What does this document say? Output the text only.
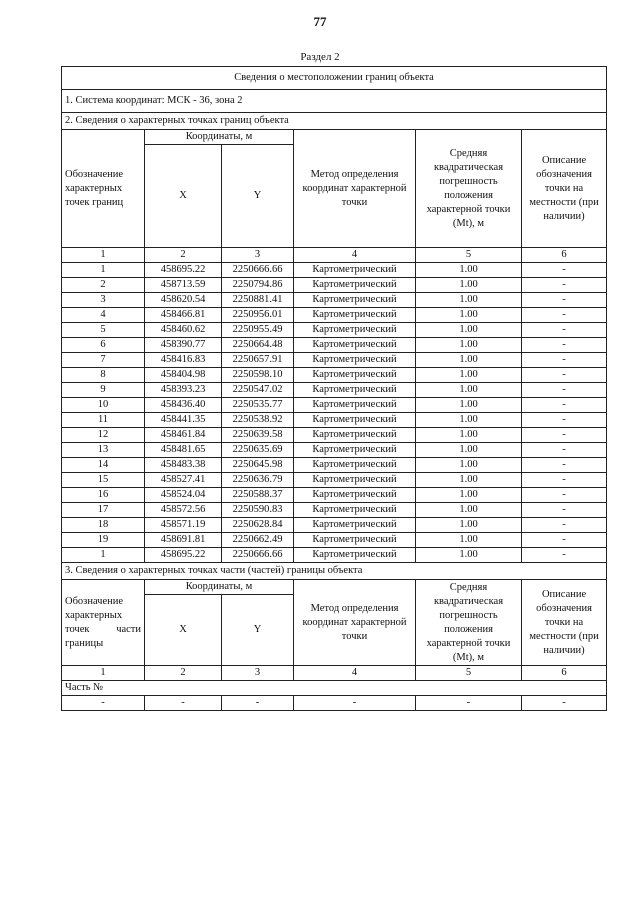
77
Раздел 2
Сведения о местоположении границ объекта					
1. Система координат: МСК - 36, зона 2					
2. Сведения о характерных точках границ объекта					
Обозначение характерных точек границ	Координаты, м		Метод определения координат характерной точки	Средняя квадратическая погрешность положения характерной точки (Mt), м	Описание обозначения точки на местности (при наличии)
	X	Y			
1	2	3	4	5	6
1	458695.22	2250666.66	Картометрический	1.00	-
2	458713.59	2250794.86	Картометрический	1.00	-
3	458620.54	2250881.41	Картометрический	1.00	-
4	458466.81	2250956.01	Картометрический	1.00	-
5	458460.62	2250955.49	Картометрический	1.00	-
6	458390.77	2250664.48	Картометрический	1.00	-
7	458416.83	2250657.91	Картометрический	1.00	-
8	458404.98	2250598.10	Картометрический	1.00	-
9	458393.23	2250547.02	Картометрический	1.00	-
10	458436.40	2250535.77	Картометрический	1.00	-
11	458441.35	2250538.92	Картометрический	1.00	-
12	458461.84	2250639.58	Картометрический	1.00	-
13	458481.65	2250635.69	Картометрический	1.00	-
14	458483.38	2250645.98	Картометрический	1.00	-
15	458527.41	2250636.79	Картометрический	1.00	-
16	458524.04	2250588.37	Картометрический	1.00	-
17	458572.56	2250590.83	Картометрический	1.00	-
18	458571.19	2250628.84	Картометрический	1.00	-
19	458691.81	2250662.49	Картометрический	1.00	-
1	458695.22	2250666.66	Картометрический	1.00	-
3. Сведения о характерных точках части (частей) границы объекта					
Обозначение характерных точек части границы	Координаты, м		Метод определения координат характерной точки	Средняя квадратическая погрешность положения характерной точки (Mt), м	Описание обозначения точки на местности (при наличии)
	X	Y			
1	2	3	4	5	6
Часть №					
-	-	-	-	-	-
